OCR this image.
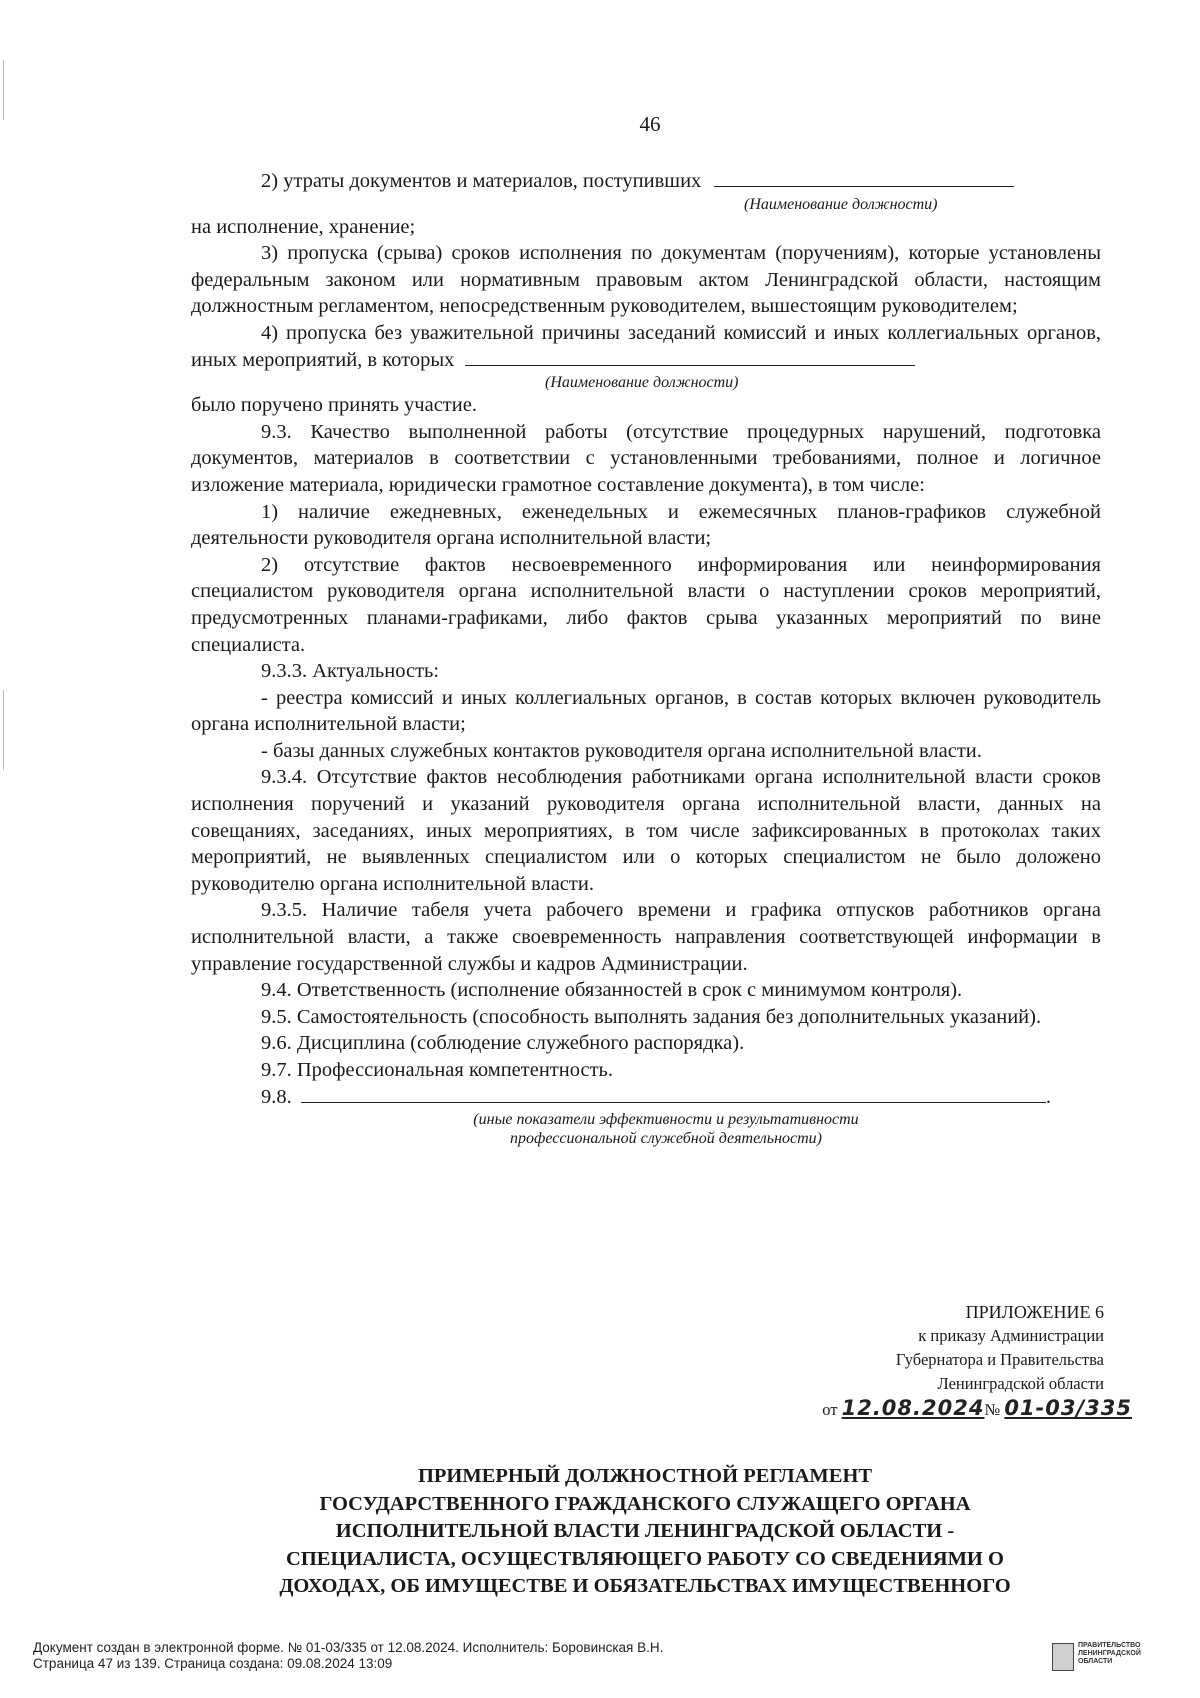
46

2) утраты документов и материалов, поступивших

(Наименование должности)

на исполнение, хранение;

3) пропуска (срыва) сроков исполнения по документам (поручениям), которые установлены федеральным законом или нормативным правовым актом Ленинградской области, настоящим должностным регламентом, непосредственным руководителем, вышестоящим руководителем;

4) пропуска без уважительной причины заседаний комиссий и иных коллегиальных органов, иных мероприятий, в которых

(Наименование должности)

было поручено принять участие.

9.3. Качество выполненной работы (отсутствие процедурных нарушений, подготовка документов, материалов в соответствии с установленными требованиями, полное и логичное изложение материала, юридически грамотное составление документа), в том числе:

1) наличие ежедневных, еженедельных и ежемесячных планов-графиков служебной деятельности руководителя органа исполнительной власти;

2) отсутствие фактов несвоевременного информирования или неинформирования специалистом руководителя органа исполнительной власти о наступлении сроков мероприятий, предусмотренных планами-графиками, либо фактов срыва указанных мероприятий по вине специалиста.

9.3.3. Актуальность:

- реестра комиссий и иных коллегиальных органов, в состав которых включен руководитель органа исполнительной власти;

- базы данных служебных контактов руководителя органа исполнительной власти.

9.3.4. Отсутствие фактов несоблюдения работниками органа исполнительной власти сроков исполнения поручений и указаний руководителя органа исполнительной власти, данных на совещаниях, заседаниях, иных мероприятиях, в том числе зафиксированных в протоколах таких мероприятий, не выявленных специалистом или о которых специалистом не было доложено руководителю органа исполнительной власти.

9.3.5. Наличие табеля учета рабочего времени и графика отпусков работников органа исполнительной власти, а также своевременность направления соответствующей информации в управление государственной службы и кадров Администрации.

9.4. Ответственность (исполнение обязанностей в срок с минимумом контроля).

9.5. Самостоятельность (способность выполнять задания без дополнительных указаний).

9.6. Дисциплина (соблюдение служебного распорядка).

9.7. Профессиональная компетентность.

9.8.	.

(иные показатели эффективности и результативности

профессиональной служебной деятельности)

ПРИЛОЖЕНИЕ 6
к приказу Администрации
Губернатора и Правительства
Ленинградской области
от 12.08.2024№ 01-03/335
ПРИМЕРНЫЙ ДОЛЖНОСТНОЙ РЕГЛАМЕНТ
ГОСУДАРСТВЕННОГО ГРАЖДАНСКОГО СЛУЖАЩЕГО ОРГАНА
ИСПОЛНИТЕЛЬНОЙ ВЛАСТИ ЛЕНИНГРАДСКОЙ ОБЛАСТИ -
СПЕЦИАЛИСТА, ОСУЩЕСТВЛЯЮЩЕГО РАБОТУ СО СВЕДЕНИЯМИ О
ДОХОДАХ, ОБ ИМУЩЕСТВЕ И ОБЯЗАТЕЛЬСТВАХ ИМУЩЕСТВЕННОГО
Документ создан в электронной форме. № 01-03/335 от 12.08.2024. Исполнитель: Боровинская В.Н.
Страница 47 из 139. Страница создана: 09.08.2024 13:09
ПРАВИТЕЛЬСТВО
ЛЕНИНГРАДСКОЙ
ОБЛАСТИ
